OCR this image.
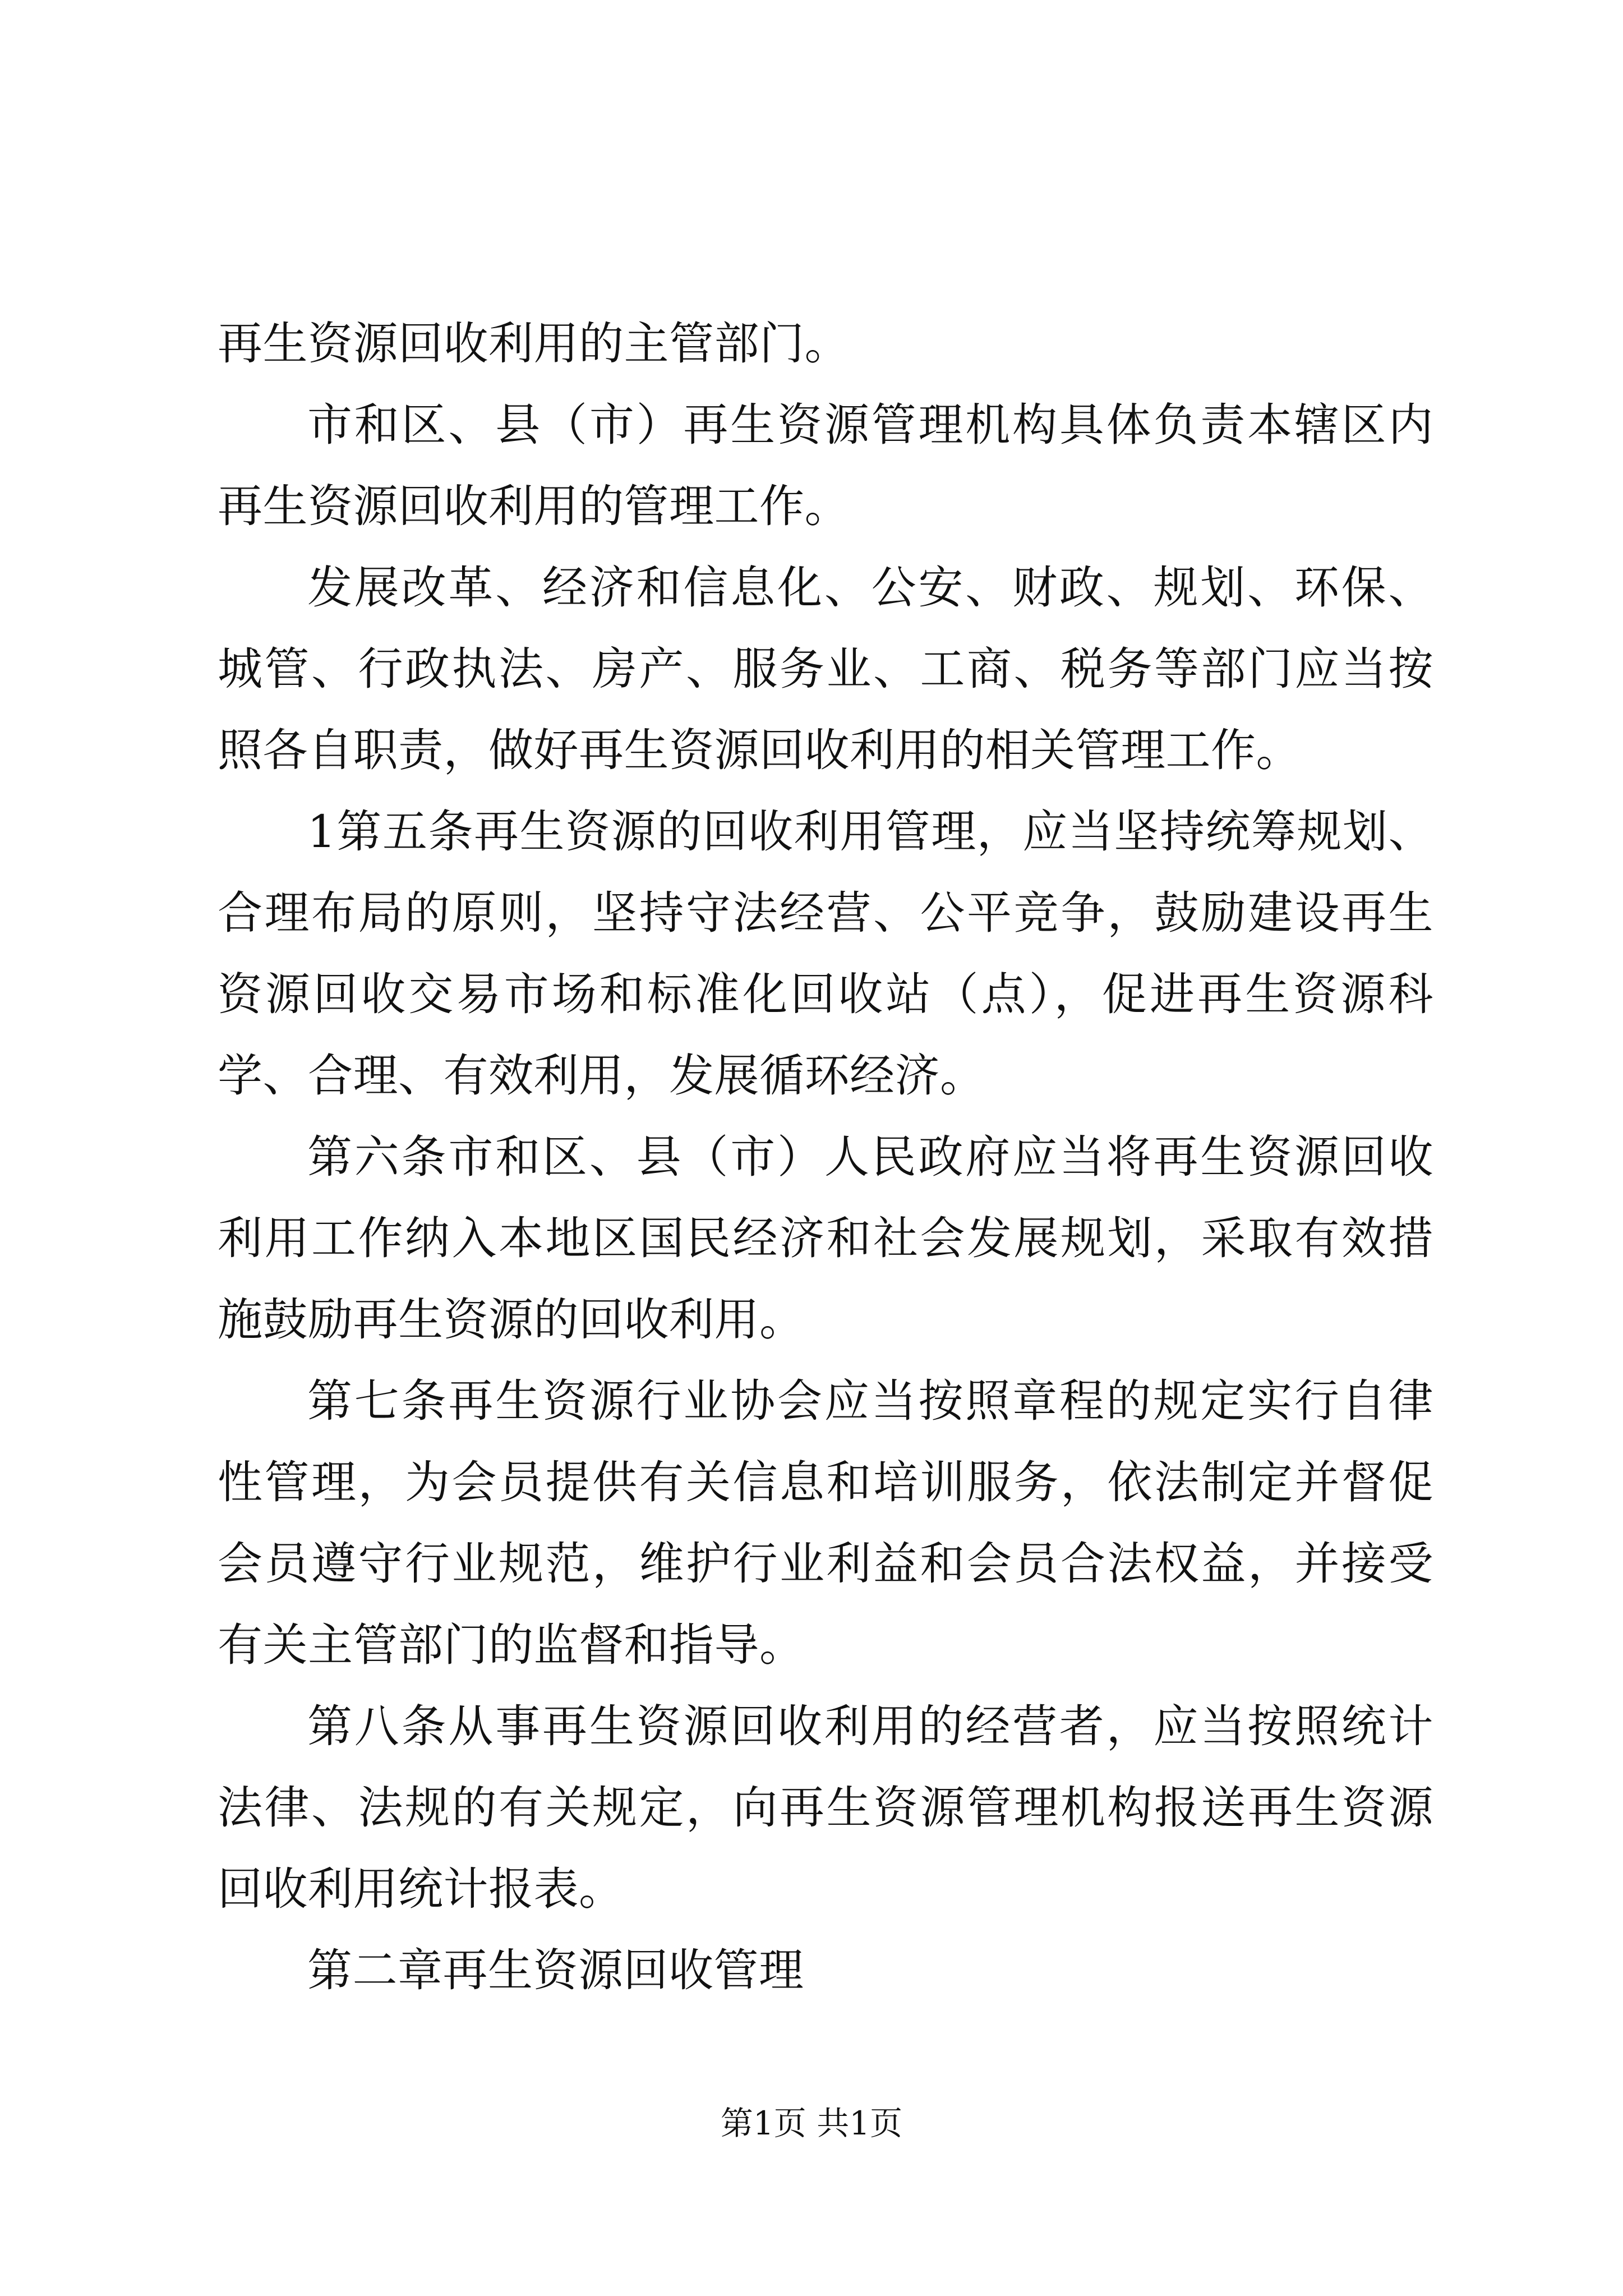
再生资源回收利用的主管部门。

市和区、县（市）再生资源管理机构具体负责本辖区内再生资源回收利用的管理工作。

发展改革、经济和信息化、公安、财政、规划、环保、城管、行政执法、房产、服务业、工商、税务等部门应当按照各自职责，做好再生资源回收利用的相关管理工作。

1第五条再生资源的回收利用管理，应当坚持统筹规划、合理布局的原则，坚持守法经营、公平竞争，鼓励建设再生资源回收交易市场和标准化回收站（点），促进再生资源科学、合理、有效利用，发展循环经济。

第六条市和区、县（市）人民政府应当将再生资源回收利用工作纳入本地区国民经济和社会发展规划，采取有效措施鼓励再生资源的回收利用。

第七条再生资源行业协会应当按照章程的规定实行自律性管理，为会员提供有关信息和培训服务，依法制定并督促会员遵守行业规范，维护行业利益和会员合法权益，并接受有关主管部门的监督和指导。

第八条从事再生资源回收利用的经营者，应当按照统计法律、法规的有关规定，向再生资源管理机构报送再生资源回收利用统计报表。

第二章再生资源回收管理

第1页 共1页
